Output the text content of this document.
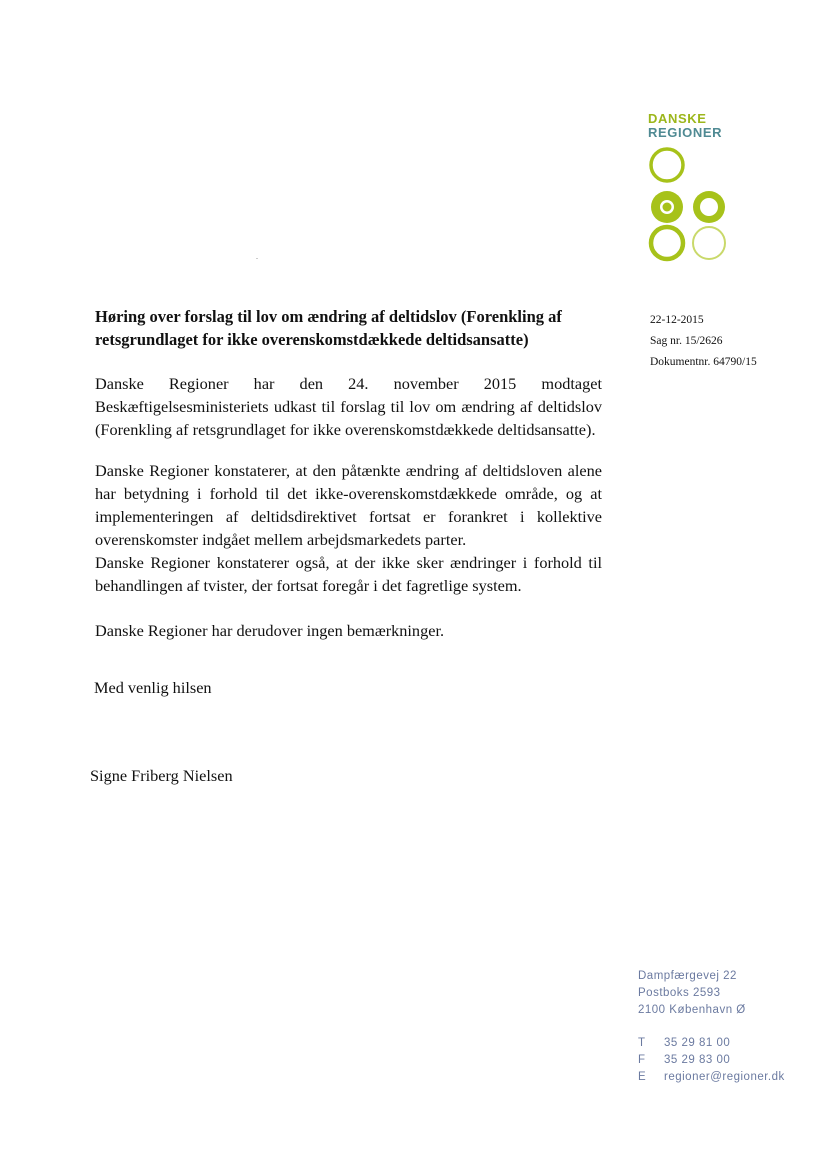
DANSKE
REGIONER
Høring over forslag til lov om ændring af deltidslov (Forenkling af retsgrundlaget for ikke overenskomstdækkede deltidsansatte)
22-12-2015
Sag nr. 15/2626
Dokumentnr. 64790/15
Danske Regioner har den 24. november 2015 modtaget Beskæftigelsesministeriets udkast til forslag til lov om ændring af deltidslov (Forenkling af retsgrundlaget for ikke overenskomstdækkede deltidsansatte).
Danske Regioner konstaterer, at den påtænkte ændring af deltidsloven alene har betydning i forhold til det ikke-overenskomstdækkede område, og at implementeringen af deltidsdirektivet fortsat er forankret i kollektive overenskomster indgået mellem arbejdsmarkedets parter.
Danske Regioner konstaterer også, at der ikke sker ændringer i forhold til behandlingen af tvister, der fortsat foregår i det fagretlige system.
Danske Regioner har derudover ingen bemærkninger.
Med venlig hilsen
Signe Friberg Nielsen
Dampfærgevej 22
Postboks 2593
2100 København Ø
T	35 29 81 00
F	35 29 83 00
E	regioner@regioner.dk
